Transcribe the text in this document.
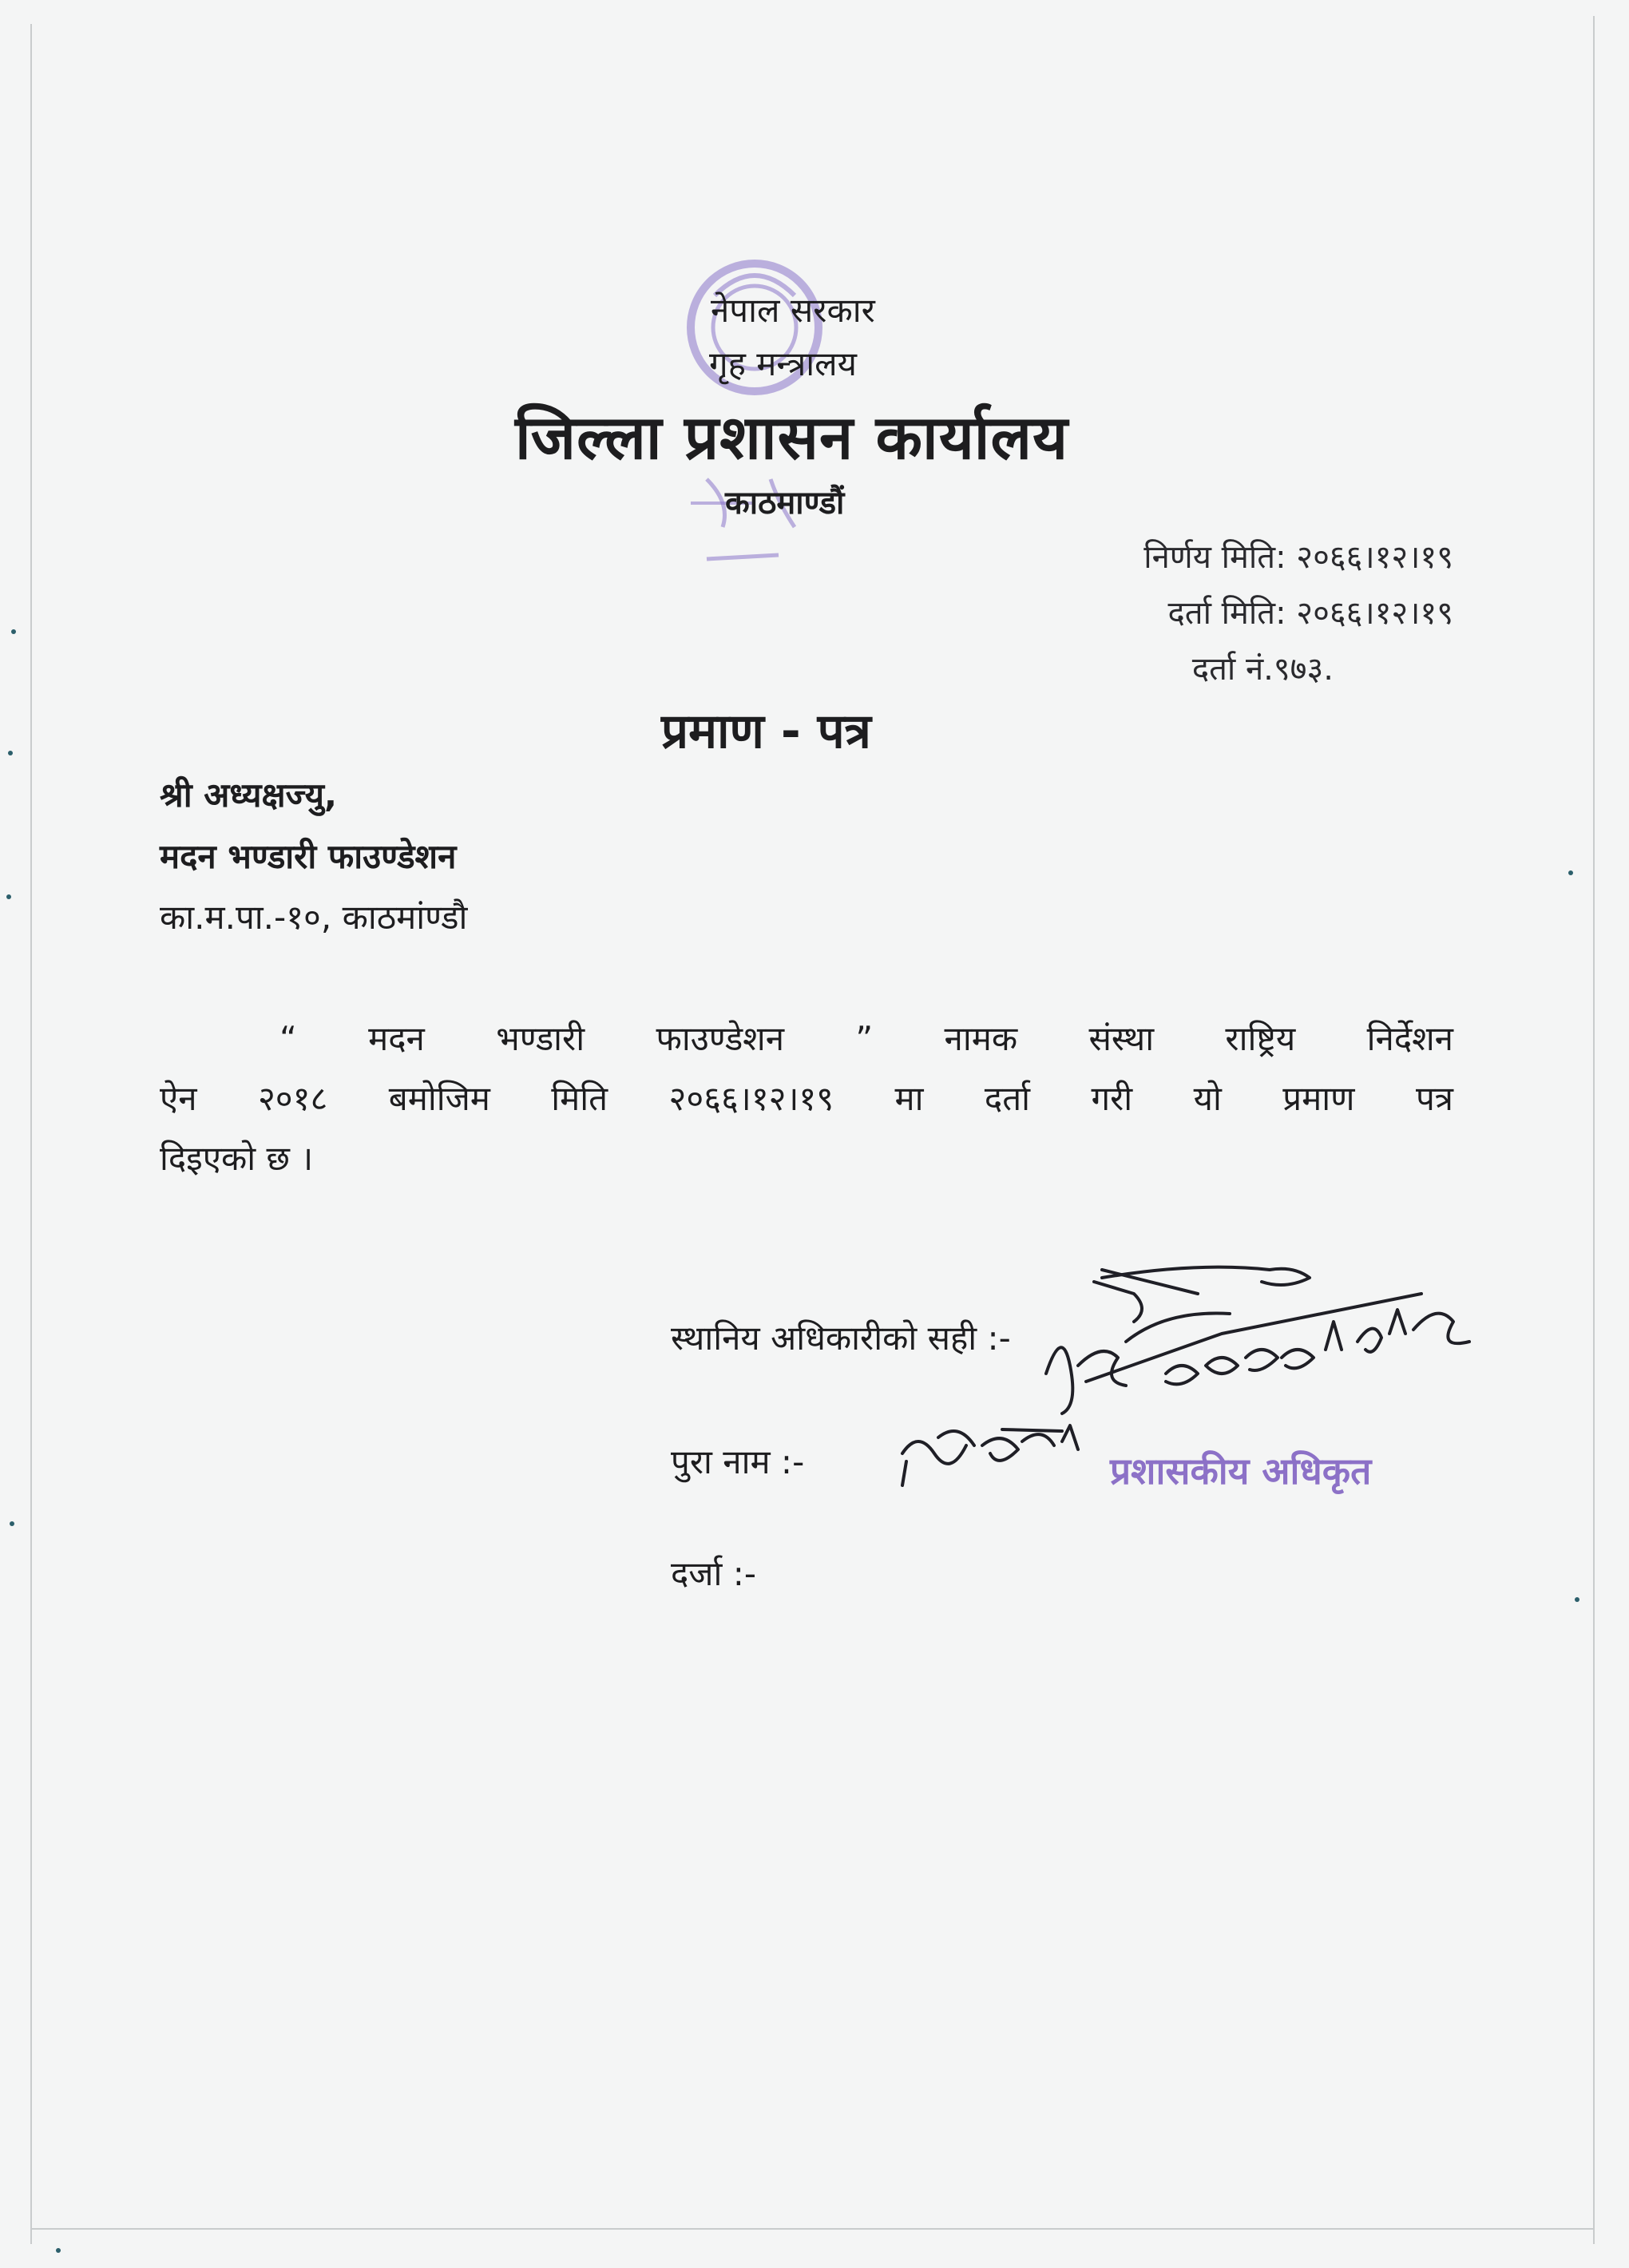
नेपाल सरकार
गृह मन्त्रालय
जिल्ला प्रशासन कार्यालय
काठमाण्डौं
निर्णय मिति: २०६६।१२।१९
दर्ता मिति: २०६६।१२।१९
दर्ता नं.९७३.
प्रमाण - पत्र
श्री अध्यक्षज्यु,
मदन भण्डारी फाउण्डेशन
का.म.पा.-१०, काठमांण्डौ
“ मदन भण्डारी फाउण्डेशन ” नामक संस्था राष्ट्रिय निर्देशन
ऐन २०१८ बमोजिम मिति २०६६।१२।१९ मा दर्ता गरी यो प्रमाण पत्र
दिइएको छ ।
स्थानिय अधिकारीको सही :-
पुरा नाम :-
दर्जा :-
प्रशासकीय अधिकृत
